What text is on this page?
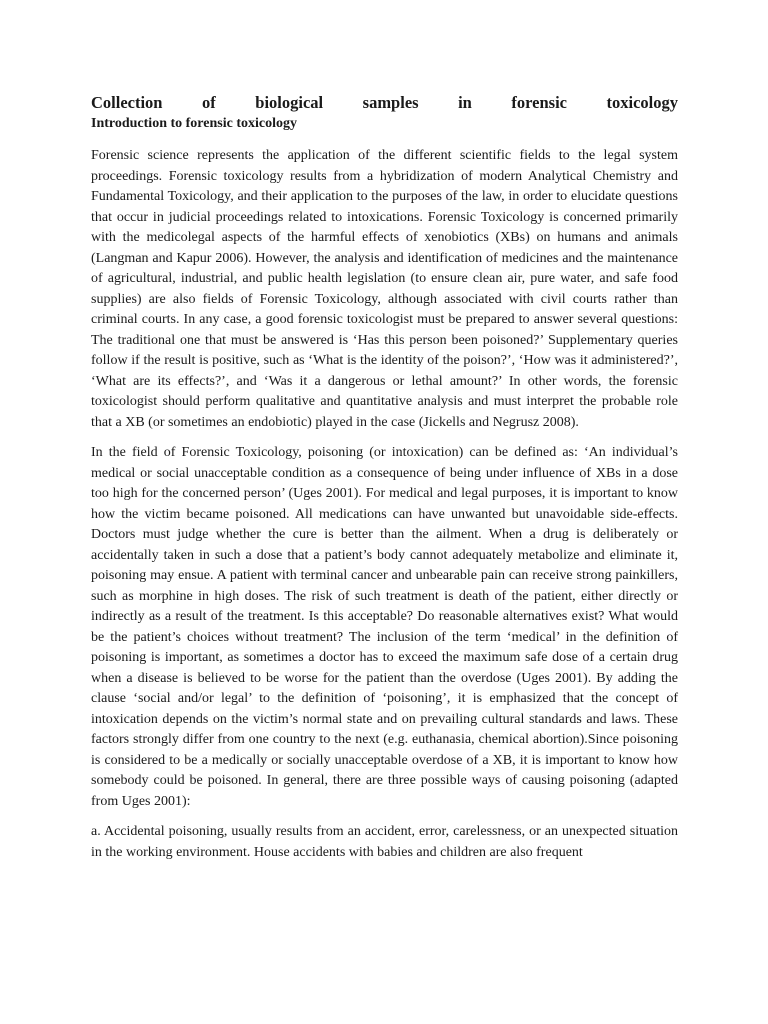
Collection of biological samples in forensic toxicology
Introduction to forensic toxicology

Forensic science represents the application of the different scientific fields to the legal system proceedings. Forensic toxicology results from a hybridization of modern Analytical Chemistry and Fundamental Toxicology, and their application to the purposes of the law, in order to elucidate questions that occur in judicial proceedings related to intoxications. Forensic Toxicology is concerned primarily with the medicolegal aspects of the harmful effects of xenobiotics (XBs) on humans and animals (Langman and Kapur 2006). However, the analysis and identification of medicines and the maintenance of agricultural, industrial, and public health legislation (to ensure clean air, pure water, and safe food supplies) are also fields of Forensic Toxicology, although associated with civil courts rather than criminal courts. In any case, a good forensic toxicologist must be prepared to answer several questions: The traditional one that must be answered is ‘Has this person been poisoned?’ Supplementary queries follow if the result is positive, such as ‘What is the identity of the poison?’, ‘How was it administered?’, ‘What are its effects?’, and ‘Was it a dangerous or lethal amount?’ In other words, the forensic toxicologist should perform qualitative and quantitative analysis and must interpret the probable role that a XB (or sometimes an endobiotic) played in the case (Jickells and Negrusz 2008).

In the field of Forensic Toxicology, poisoning (or intoxication) can be defined as: ‘An individual’s medical or social unacceptable condition as a consequence of being under influence of XBs in a dose too high for the concerned person’ (Uges 2001). For medical and legal purposes, it is important to know how the victim became poisoned. All medications can have unwanted but unavoidable side-effects. Doctors must judge whether the cure is better than the ailment. When a drug is deliberately or accidentally taken in such a dose that a patient’s body cannot adequately metabolize and eliminate it, poisoning may ensue. A patient with terminal cancer and unbearable pain can receive strong painkillers, such as morphine in high doses. The risk of such treatment is death of the patient, either directly or indirectly as a result of the treatment. Is this acceptable? Do reasonable alternatives exist? What would be the patient’s choices without treatment? The inclusion of the term ‘medical’ in the definition of poisoning is important, as sometimes a doctor has to exceed the maximum safe dose of a certain drug when a disease is believed to be worse for the patient than the overdose (Uges 2001). By adding the clause ‘social and/or legal’ to the definition of ‘poisoning’, it is emphasized that the concept of intoxication depends on the victim’s normal state and on prevailing cultural standards and laws. These factors strongly differ from one country to the next (e.g. euthanasia, chemical abortion).Since poisoning is considered to be a medically or socially unacceptable overdose of a XB, it is important to know how somebody could be poisoned. In general, there are three possible ways of causing poisoning (adapted from Uges 2001):

a. Accidental poisoning, usually results from an accident, error, carelessness, or an unexpected situation in the working environment. House accidents with babies and children are also frequent
